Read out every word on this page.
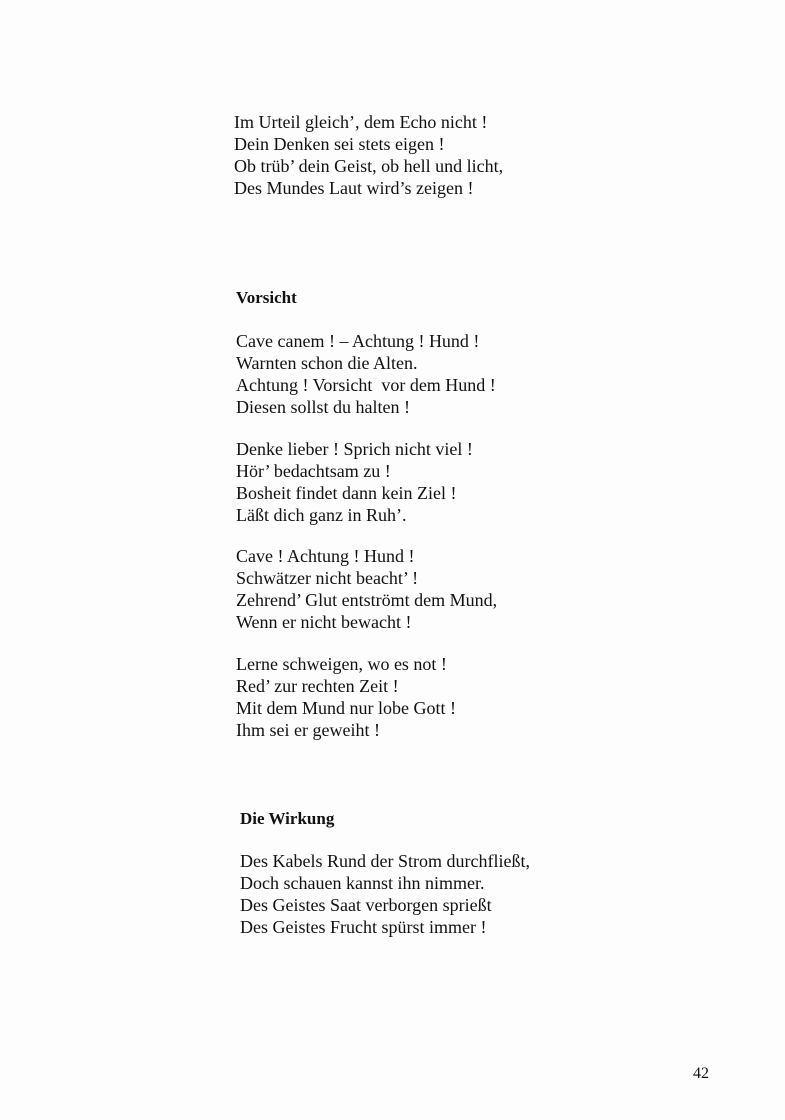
Im Urteil gleich’, dem Echo nicht !
Dein Denken sei stets eigen !
Ob trüb’ dein Geist, ob hell und licht,
Des Mundes Laut wird’s zeigen !
Vorsicht
Cave canem ! – Achtung ! Hund !
Warnten schon die Alten.
Achtung ! Vorsicht  vor dem Hund !
Diesen sollst du halten !
Denke lieber ! Sprich nicht viel !
Hör’ bedachtsam zu !
Bosheit findet dann kein Ziel !
Läßt dich ganz in Ruh’.
Cave ! Achtung ! Hund !
Schwätzer nicht beacht’ !
Zehrend’ Glut entströmt dem Mund,
Wenn er nicht bewacht !
Lerne schweigen, wo es not !
Red’ zur rechten Zeit !
Mit dem Mund nur lobe Gott !
Ihm sei er geweiht !
Die Wirkung
Des Kabels Rund der Strom durchfließt,
Doch schauen kannst ihn nimmer.
Des Geistes Saat verborgen sprießt
Des Geistes Frucht spürst immer !
42
